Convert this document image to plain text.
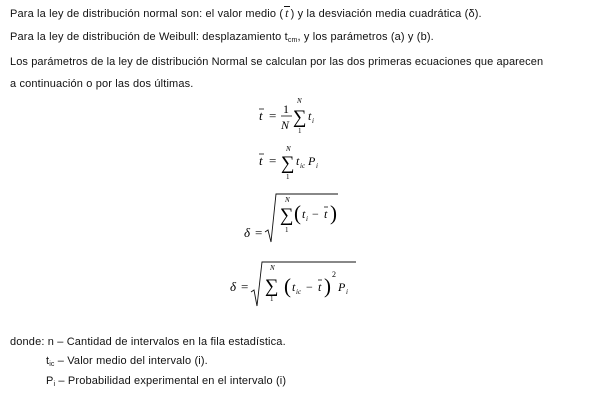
Para la ley de distribución normal son: el valor medio ( t ) y la desviación media cuadrática (δ).
Para la ley de distribución de Weibull: desplazamiento tcm, y los parámetros (a) y (b).
Los parámetros de la ley de distribución Normal se calculan por las dos primeras ecuaciones que aparecen
a continuación o por las dos últimas.
t = 1
N
N
∑
1
t i
t =
N
∑
1
t ic P i
δ =
N
∑
1
( t i − t )
δ =
N
∑
1
( t ic − t ) 2
P i
donde: n – Cantidad de intervalos en la fila estadística.
tic – Valor medio del intervalo (i).
Pi – Probabilidad experimental en el intervalo (i)
